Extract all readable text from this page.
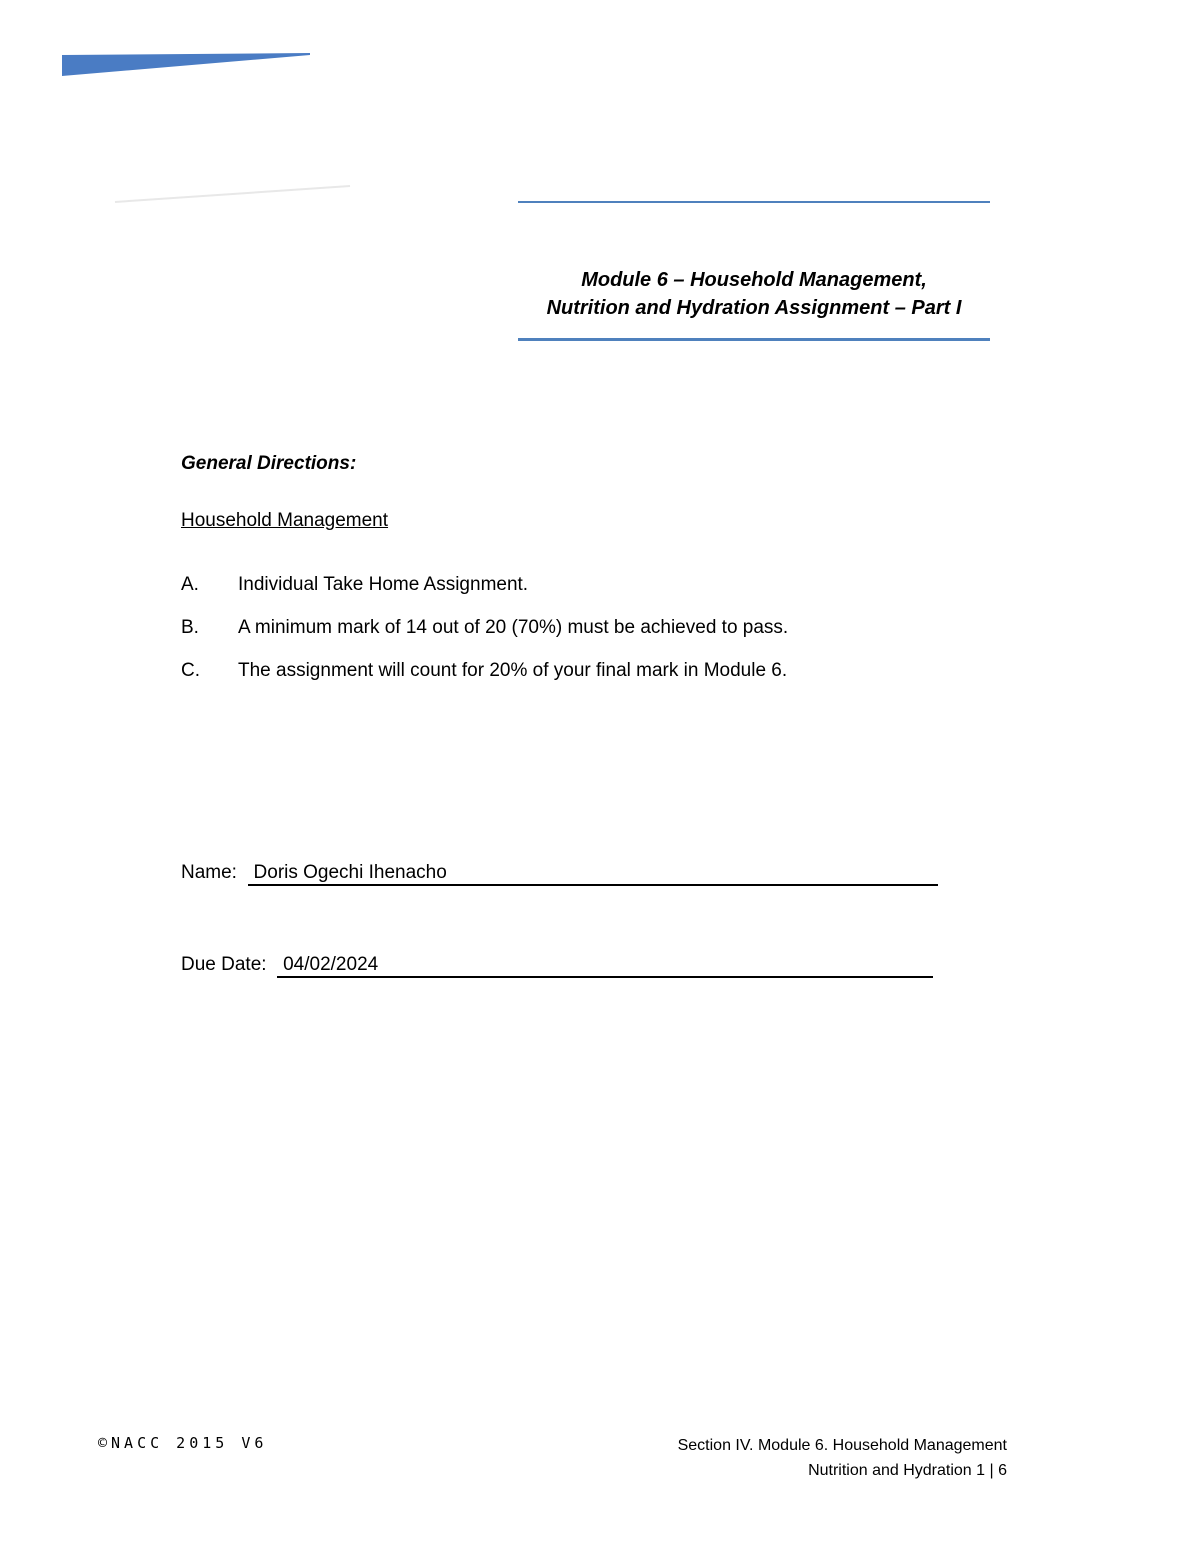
Module 6 – Household Management,
Nutrition and Hydration Assignment – Part I
General Directions:
Household Management
A. Individual Take Home Assignment.
B. A minimum mark of 14 out of 20 (70%) must be achieved to pass.
C. The assignment will count for 20% of your final mark in Module 6.
Name: Doris Ogechi Ihenacho
Due Date: 04/02/2024
©NACC 2015 V6	Section IV. Module 6. Household Management
Nutrition and Hydration 1 | 6
